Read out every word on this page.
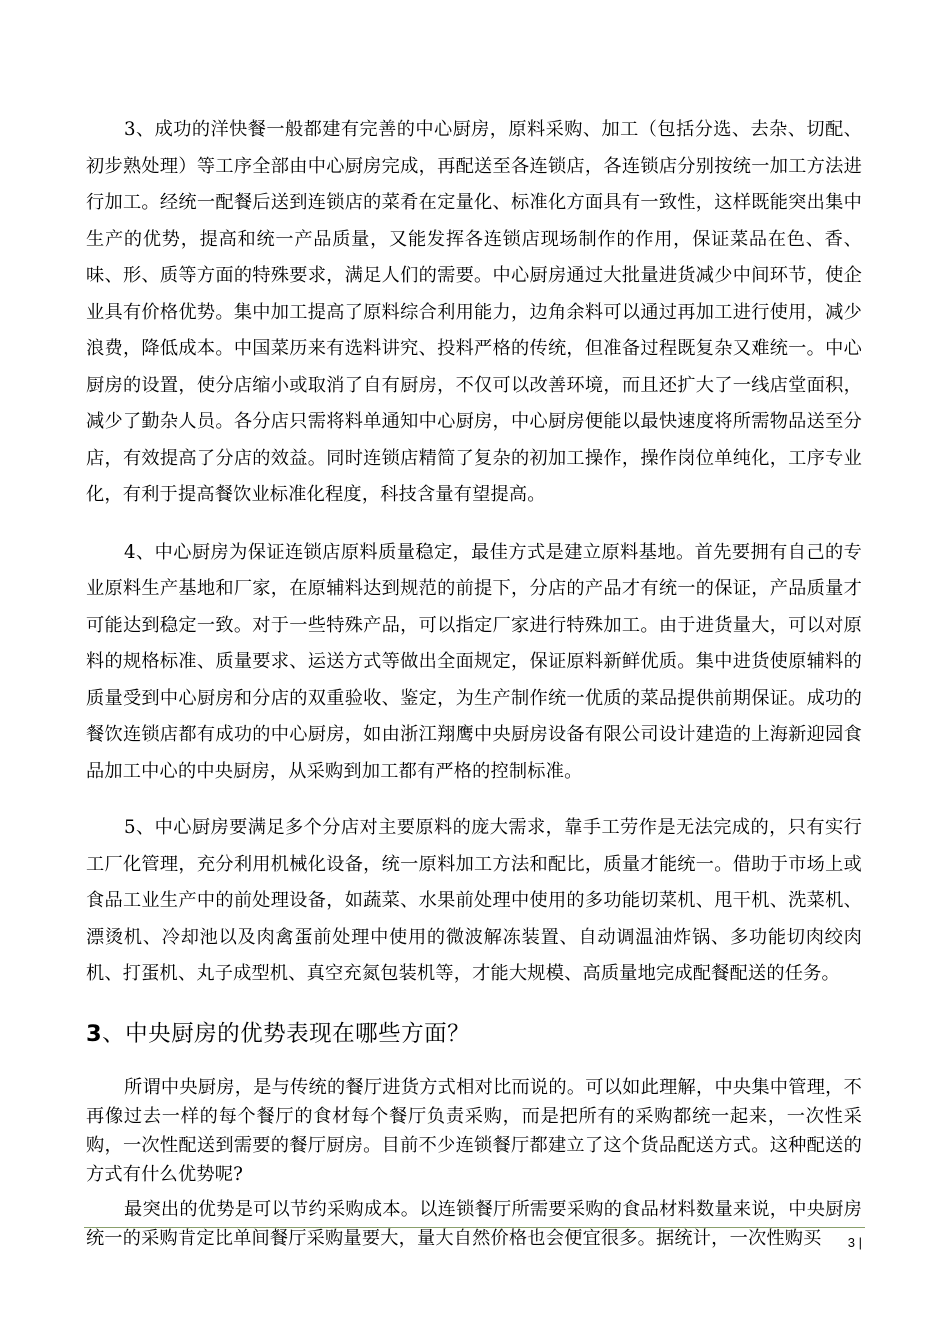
3、成功的洋快餐一般都建有完善的中心厨房，原料采购、加工（包括分选、去杂、切配、初步熟处理）等工序全部由中心厨房完成，再配送至各连锁店，各连锁店分别按统一加工方法进行加工。经统一配餐后送到连锁店的菜肴在定量化、标准化方面具有一致性，这样既能突出集中生产的优势，提高和统一产品质量，又能发挥各连锁店现场制作的作用，保证菜品在色、香、味、形、质等方面的特殊要求，满足人们的需要。中心厨房通过大批量进货减少中间环节，使企业具有价格优势。集中加工提高了原料综合利用能力，边角余料可以通过再加工进行使用，减少浪费，降低成本。中国菜历来有选料讲究、投料严格的传统，但准备过程既复杂又难统一。中心厨房的设置，使分店缩小或取消了自有厨房，不仅可以改善环境，而且还扩大了一线店堂面积，减少了勤杂人员。各分店只需将料单通知中心厨房，中心厨房便能以最快速度将所需物品送至分店，有效提高了分店的效益。同时连锁店精简了复杂的初加工操作，操作岗位单纯化，工序专业化，有利于提高餐饮业标准化程度，科技含量有望提高。

4、中心厨房为保证连锁店原料质量稳定，最佳方式是建立原料基地。首先要拥有自己的专业原料生产基地和厂家，在原辅料达到规范的前提下，分店的产品才有统一的保证，产品质量才可能达到稳定一致。对于一些特殊产品，可以指定厂家进行特殊加工。由于进货量大，可以对原料的规格标准、质量要求、运送方式等做出全面规定，保证原料新鲜优质。集中进货使原辅料的质量受到中心厨房和分店的双重验收、鉴定，为生产制作统一优质的菜品提供前期保证。成功的餐饮连锁店都有成功的中心厨房，如由浙江翔鹰中央厨房设备有限公司设计建造的上海新迎园食品加工中心的中央厨房，从采购到加工都有严格的控制标准。

5、中心厨房要满足多个分店对主要原料的庞大需求，靠手工劳作是无法完成的，只有实行工厂化管理，充分利用机械化设备，统一原料加工方法和配比，质量才能统一。借助于市场上或食品工业生产中的前处理设备，如蔬菜、水果前处理中使用的多功能切菜机、甩干机、洗菜机、漂烫机、冷却池以及肉禽蛋前处理中使用的微波解冻装置、自动调温油炸锅、多功能切肉绞肉机、打蛋机、丸子成型机、真空充氮包装机等，才能大规模、高质量地完成配餐配送的任务。

3、中央厨房的优势表现在哪些方面？

所谓中央厨房，是与传统的餐厅进货方式相对比而说的。可以如此理解，中央集中管理，不再像过去一样的每个餐厅的食材每个餐厅负责采购，而是把所有的采购都统一起来，一次性采购，一次性配送到需要的餐厅厨房。目前不少连锁餐厅都建立了这个货品配送方式。这种配送的方式有什么优势呢?

最突出的优势是可以节约采购成本。以连锁餐厅所需要采购的食品材料数量来说，中央厨房统一的采购肯定比单间餐厅采购量要大，量大自然价格也会便宜很多。据统计，一次性购买	3 |
